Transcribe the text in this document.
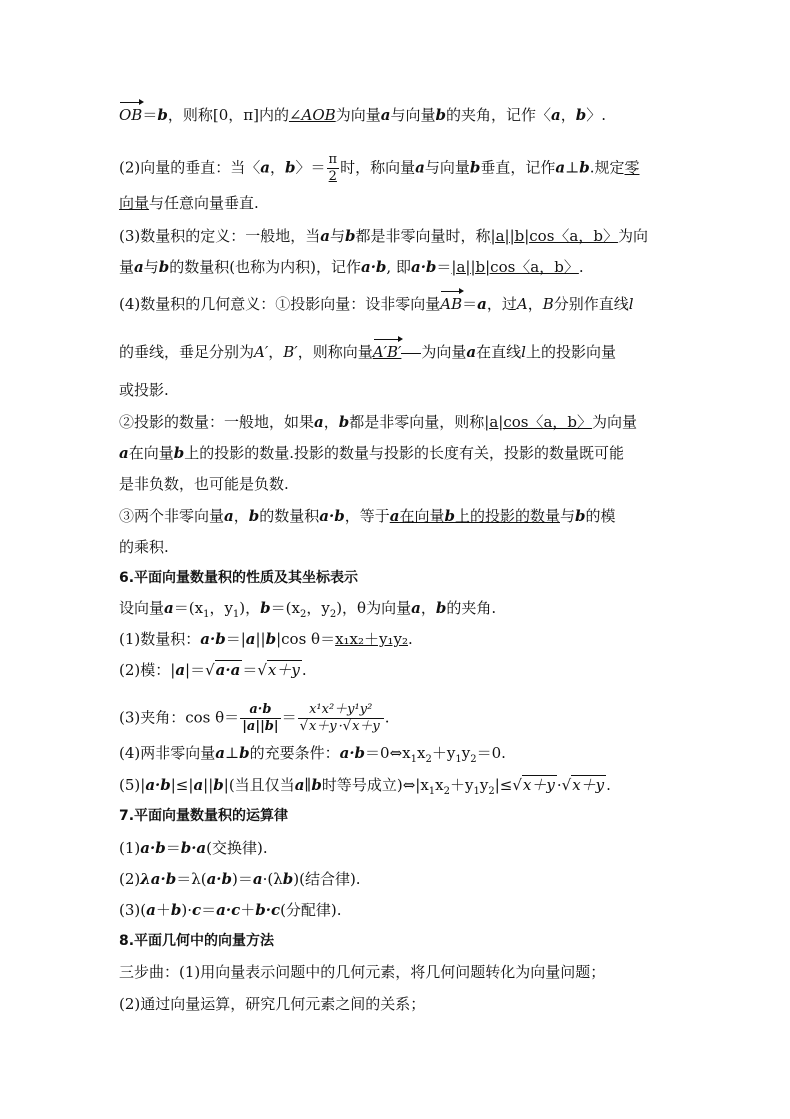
OB＝b，则称[0，π]内的∠AOB为向量a与向量b的夹角，记作〈a，b〉.
(2)向量的垂直：当〈a，b〉＝ $\frac{\pi}{2}$ 时，称向量a与向量b垂直，记作a⊥b.规定零
向量与任意向量垂直.
(3)数量积的定义：一般地，当a与b都是非零向量时，称|a||b|cos〈a，b〉为向
量a与b的数量积(也称为内积)，记作a·b, 即a·b＝|a||b|cos〈a，b〉.
(4)数量积的几何意义：①投影向量：设非零向量AB＝a，过A，B分别作直线l
的垂线，垂足分别为A′，B′，则称向量A′B′ 为向量a在直线l上的投影向量
或投影.
②投影的数量：一般地，如果a，b都是非零向量，则称|a|cos〈a，b〉为向量
a在向量b上的投影的数量.投影的数量与投影的长度有关，投影的数量既可能
是非负数，也可能是负数.
③两个非零向量a，b的数量积a·b，等于a在向量b上的投影的数量与b的模
的乘积.
6.平面向量数量积的性质及其坐标表示
设向量$a=(x_1$，$y_1$)，$b=(x_2$，$y_2$)，θ为向量a，b的夹角.
(1)数量积：a·b＝|a||b|cos θ＝x₁x₂＋y₁y₂.
(2)模：|a|＝√a·a ＝√x＋y .
(3)夹角：$\cos \theta= \frac{a\cdot b}{|a||b|} = \frac{\text{x¹x²＋y¹y²}}{√x+y \cdot√x+y}$ .
(4)两非零向量a⊥b的充要条件：$a\cdot b=0\Leftrightarrow x_1x_2+y_1y_2=0$.
(5)|a·b|≤|a||b|(当且仅当a∥b时等号成立)$\Leftrightarrow|x_1x_2+y_1y_2|\le√x+y \cdot√x+y$ .
7.平面向量数量积的运算律
(1)a·b＝b·a(交换律).
(2)λa·b＝λ(a·b)＝a·(λb)(结合律).
(3)(a＋b)·c＝a·c＋b·c(分配律).
8.平面几何中的向量方法
三步曲：(1)用向量表示问题中的几何元素，将几何问题转化为向量问题；
(2)通过向量运算，研究几何元素之间的关系；
